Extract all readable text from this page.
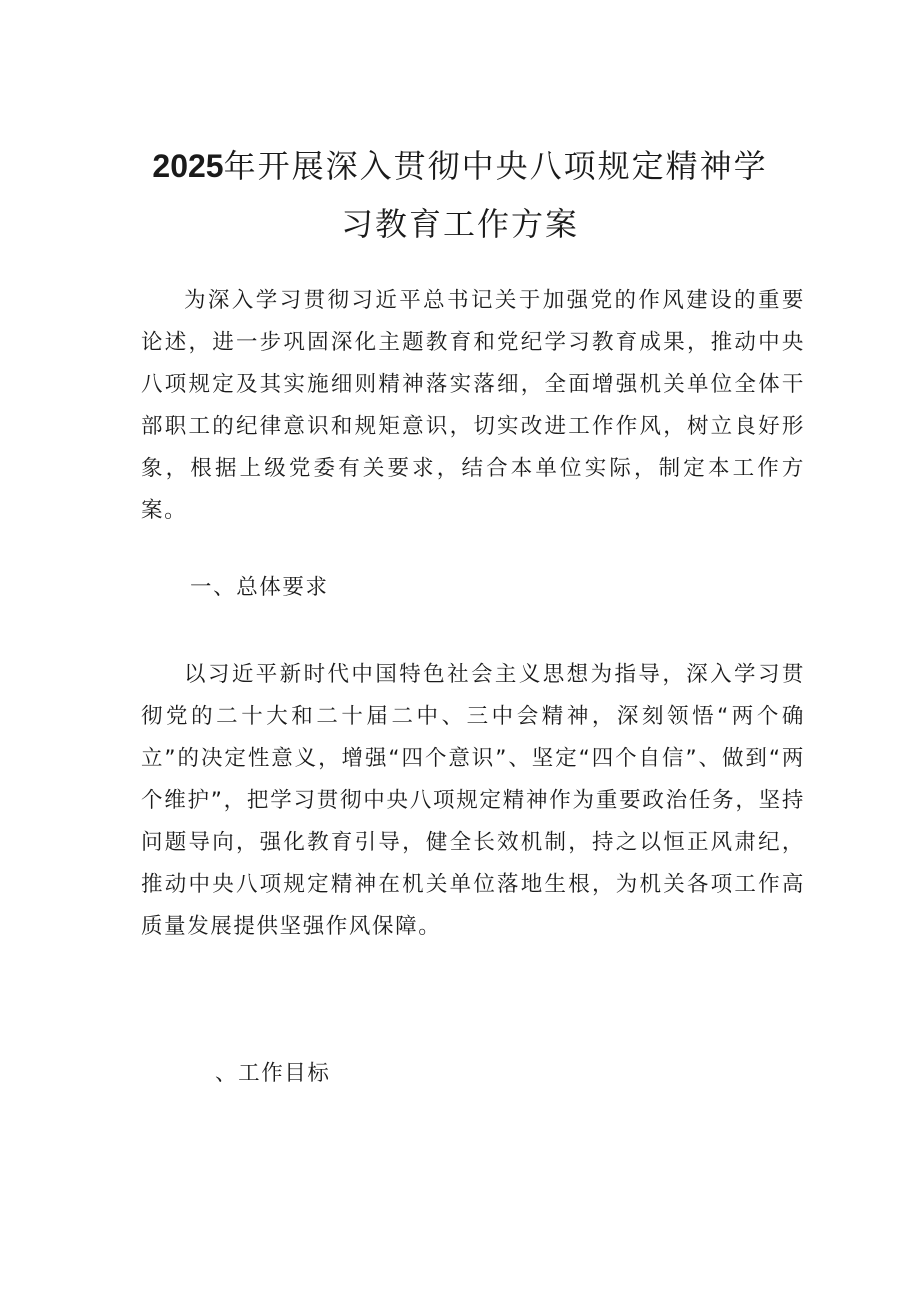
2025年开展深入贯彻中央八项规定精神学
习教育工作方案

为深入学习贯彻习近平总书记关于加强党的作风建设的重要论述，进一步巩固深化主题教育和党纪学习教育成果，推动中央八项规定及其实施细则精神落实落细，全面增强机关单位全体干部职工的纪律意识和规矩意识，切实改进工作作风，树立良好形象，根据上级党委有关要求，结合本单位实际，制定本工作方案。

一、总体要求

以习近平新时代中国特色社会主义思想为指导，深入学习贯彻党的二十大和二十届二中、三中会精神，深刻领悟“两个确立”的决定性意义，增强“四个意识”、坚定“四个自信”、做到“两个维护”，把学习贯彻中央八项规定精神作为重要政治任务，坚持问题导向，强化教育引导，健全长效机制，持之以恒正风肃纪，推动中央八项规定精神在机关单位落地生根，为机关各项工作高质量发展提供坚强作风保障。

、工作目标
